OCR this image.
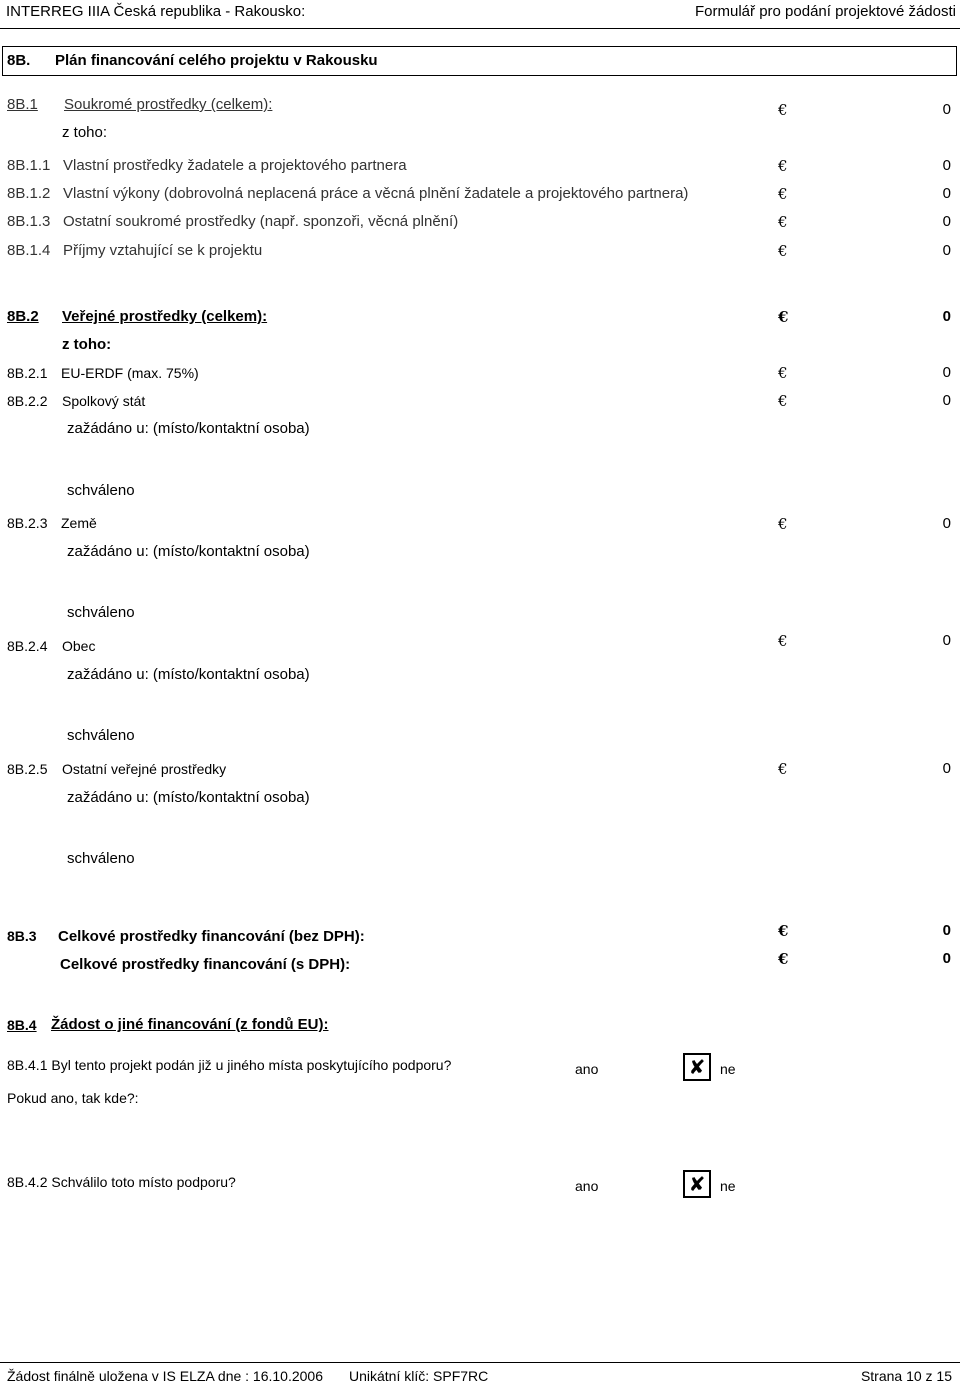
INTERREG IIIA Česká republika - Rakousko:	Formulář pro podání projektové žádosti
8B. Plán financování celého projektu v Rakousku
8B.1 Soukromé prostředky (celkem):	€	0
z toho:
8B.1.1 Vlastní prostředky žadatele a projektového partnera	€	0
8B.1.2 Vlastní výkony (dobrovolná neplacená práce a věcná plnění žadatele a projektového partnera)	€	0
8B.1.3 Ostatní soukromé prostředky (např. sponzoři, věcná plnění)	€	0
8B.1.4 Příjmy vztahující se k projektu	€	0
8B.2 Veřejné prostředky (celkem):	€	0
z toho:
8B.2.1 EU-ERDF (max. 75%)	€	0
8B.2.2 Spolkový stát	€	0
zažádáno u: (místo/kontaktní osoba)
schváleno
8B.2.3 Země	€	0
zažádáno u: (místo/kontaktní osoba)
schváleno
8B.2.4 Obec	€	0
zažádáno u: (místo/kontaktní osoba)
schváleno
8B.2.5 Ostatní veřejné prostředky	€	0
zažádáno u: (místo/kontaktní osoba)
schváleno
8B.3 Celkové prostředky financování (bez DPH):	€	0
Celkové prostředky financování (s DPH):	€	0
8B.4 Žádost o jiné financování (z fondů EU):
8B.4.1 Byl tento projekt podán již u jiného místa poskytujícího podporu?	ano	✘	ne
Pokud ano, tak kde?:
8B.4.2 Schválilo toto místo podporu?	ano	✘	ne
Žádost finálně uložena v IS ELZA dne : 16.10.2006 Unikátní klíč: SPF7RC	Strana 10 z 15
